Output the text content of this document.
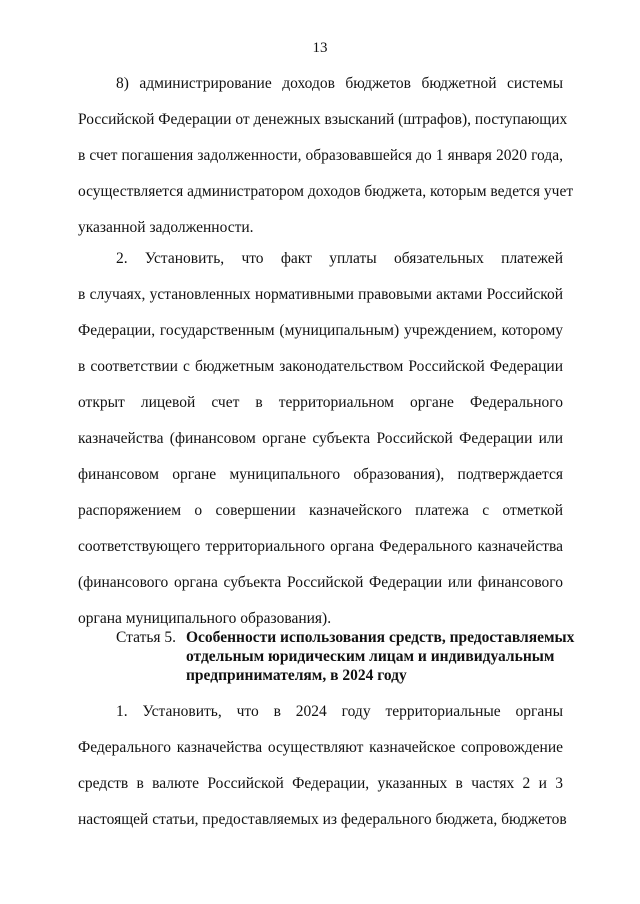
13
8) администрирование доходов бюджетов бюджетной системы
Российской Федерации от денежных взысканий (штрафов), поступающих
в счет погашения задолженности, образовавшейся до 1 января 2020 года,
осуществляется администратором доходов бюджета, которым ведется учет
указанной задолженности.
2. Установить, что факт уплаты обязательных платежей
в случаях, установленных нормативными правовыми актами Российской
Федерации, государственным (муниципальным) учреждением, которому
в соответствии с бюджетным законодательством Российской Федерации
открыт лицевой счет в территориальном органе Федерального
казначейства (финансовом органе субъекта Российской Федерации или
финансовом органе муниципального образования), подтверждается
распоряжением о совершении казначейского платежа с отметкой
соответствующего территориального органа Федерального казначейства
(финансового органа субъекта Российской Федерации или финансового
органа муниципального образования).
Статья 5. Особенности использования средств, предоставляемых
отдельным юридическим лицам и индивидуальным
предпринимателям, в 2024 году
1. Установить, что в 2024 году территориальные органы
Федерального казначейства осуществляют казначейское сопровождение
средств в валюте Российской Федерации, указанных в частях 2 и 3
настоящей статьи, предоставляемых из федерального бюджета, бюджетов
